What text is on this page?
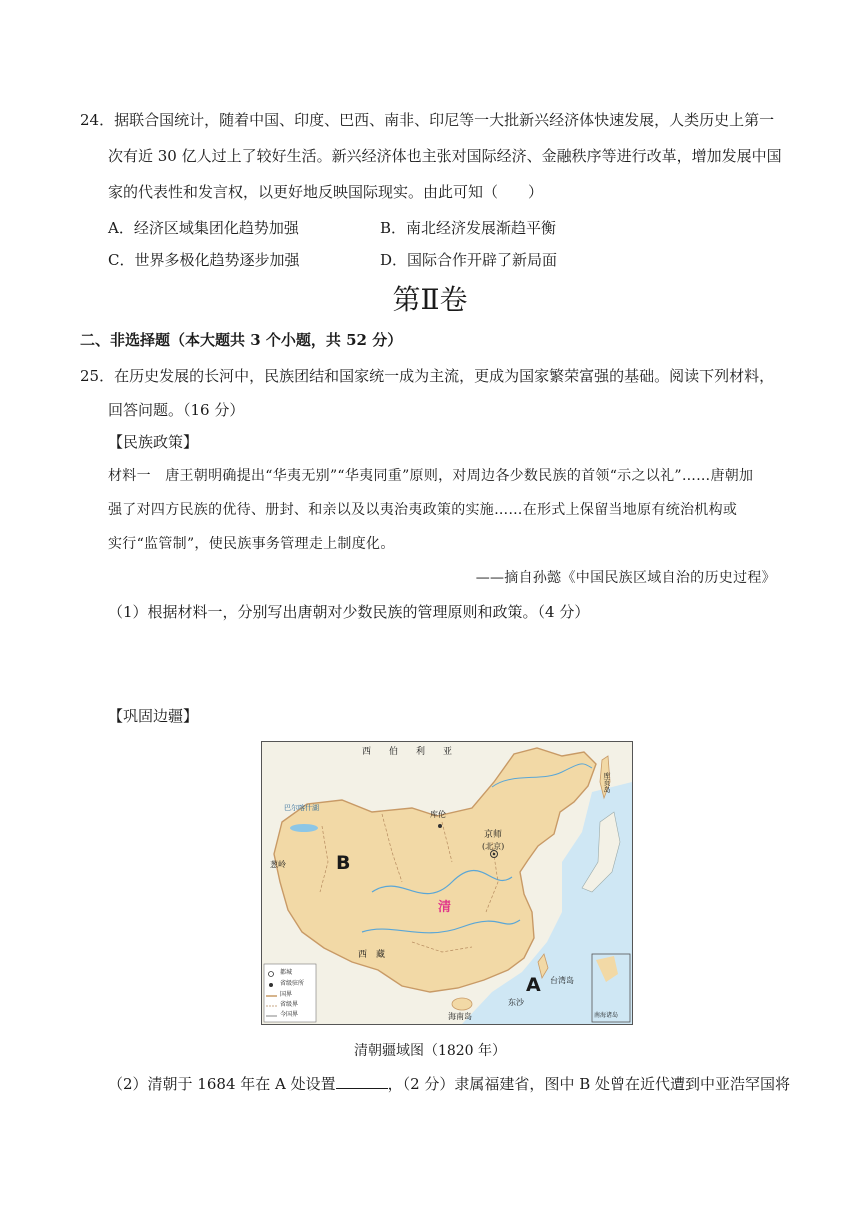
24．据联合国统计，随着中国、印度、巴西、南非、印尼等一大批新兴经济体快速发展，人类历史上第一
次有近 30 亿人过上了较好生活。新兴经济体也主张对国际经济、金融秩序等进行改革，增加发展中国
家的代表性和发言权，以更好地反映国际现实。由此可知（　　）
A．经济区域集团化趋势加强	B．南北经济发展渐趋平衡
C．世界多极化趋势逐步加强	D．国际合作开辟了新局面
第Ⅱ卷
二、非选择题（本大题共 3 个小题，共 52 分）
25．在历史发展的长河中，民族团结和国家统一成为主流，更成为国家繁荣富强的基础。阅读下列材料，
回答问题。（16 分）
【民族政策】
材料一　唐王朝明确提出“华夷无别”“华夷同重”原则，对周边各少数民族的首领“示之以礼”……唐朝加
强了对四方民族的优待、册封、和亲以及以夷治夷政策的实施……在形式上保留当地原有统治机构或
实行“监管制”，使民族事务管理走上制度化。
——摘自孙懿《中国民族区域自治的历史过程》
（1）根据材料一，分别写出唐朝对少数民族的管理原则和政策。（4 分）
【巩固边疆】
西　　伯　　利　　亚
巴尔喀什湖
库伦
库页岛
京师
(北京)
清
B
A 台湾岛
东沙
海南岛
葱岭
西　藏
南海诸岛
都城
省级驻所
国界
省级界
今国界
清朝疆域图（1820 年）
（2）清朝于 1684 年在 A 处设置	，（2 分）隶属福建省，图中 B 处曾在近代遭到中亚浩罕国将
